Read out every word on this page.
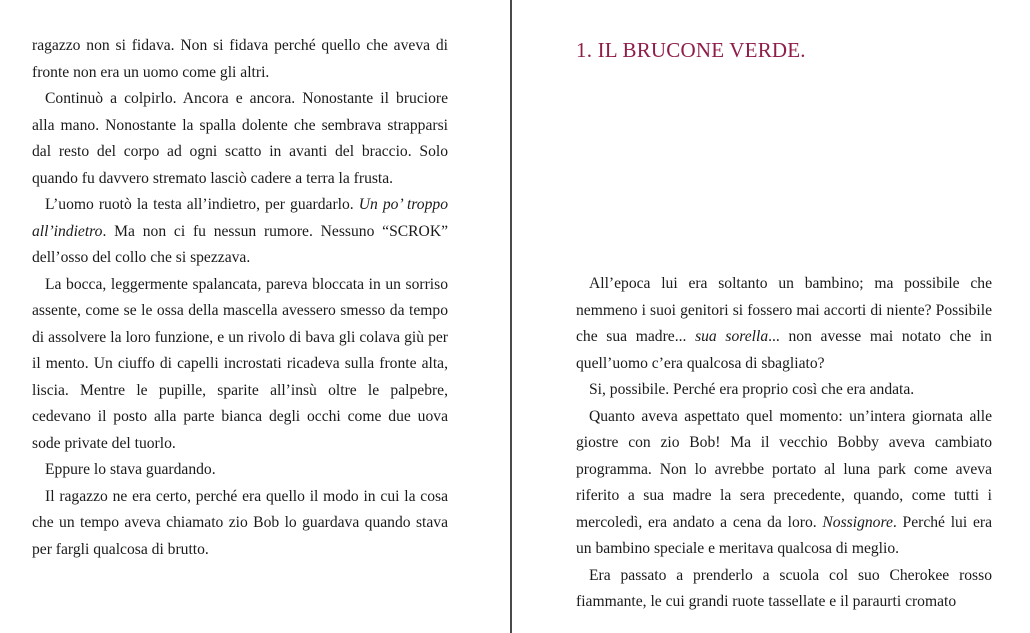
ragazzo non si fidava. Non si fidava perché quello che aveva di fronte non era un uomo come gli altri.

Continuò a colpirlo. Ancora e ancora. Nonostante il bruciore alla mano. Nonostante la spalla dolente che sembrava strapparsi dal resto del corpo ad ogni scatto in avanti del braccio. Solo quando fu davvero stremato lasciò cadere a terra la frusta.

L’uomo ruotò la testa all’indietro, per guardarlo. Un po’ troppo all’indietro. Ma non ci fu nessun rumore. Nessuno “SCROK” dell’osso del collo che si spezzava.

La bocca, leggermente spalancata, pareva bloccata in un sorriso assente, come se le ossa della mascella avessero smesso da tempo di assolvere la loro funzione, e un rivolo di bava gli colava giù per il mento. Un ciuffo di capelli incrostati ricadeva sulla fronte alta, liscia. Mentre le pupille, sparite all’insù oltre le palpebre, cedevano il posto alla parte bianca degli occhi come due uova sode private del tuorlo.

Eppure lo stava guardando.

Il ragazzo ne era certo, perché era quello il modo in cui la cosa che un tempo aveva chiamato zio Bob lo guardava quando stava per fargli qualcosa di brutto.

1. IL BRUCONE VERDE.

All’epoca lui era soltanto un bambino; ma possibile che nemmeno i suoi genitori si fossero mai accorti di niente? Possibile che sua madre... sua sorella... non avesse mai notato che in quell’uomo c’era qualcosa di sbagliato?

Si, possibile. Perché era proprio così che era andata.

Quanto aveva aspettato quel momento: un’intera giornata alle giostre con zio Bob! Ma il vecchio Bobby aveva cambiato programma. Non lo avrebbe portato al luna park come aveva riferito a sua madre la sera precedente, quando, come tutti i mercoledì, era andato a cena da loro. Nossignore. Perché lui era un bambino speciale e meritava qualcosa di meglio.

Era passato a prenderlo a scuola col suo Cherokee rosso fiammante, le cui grandi ruote tassellate e il paraurti cromato
